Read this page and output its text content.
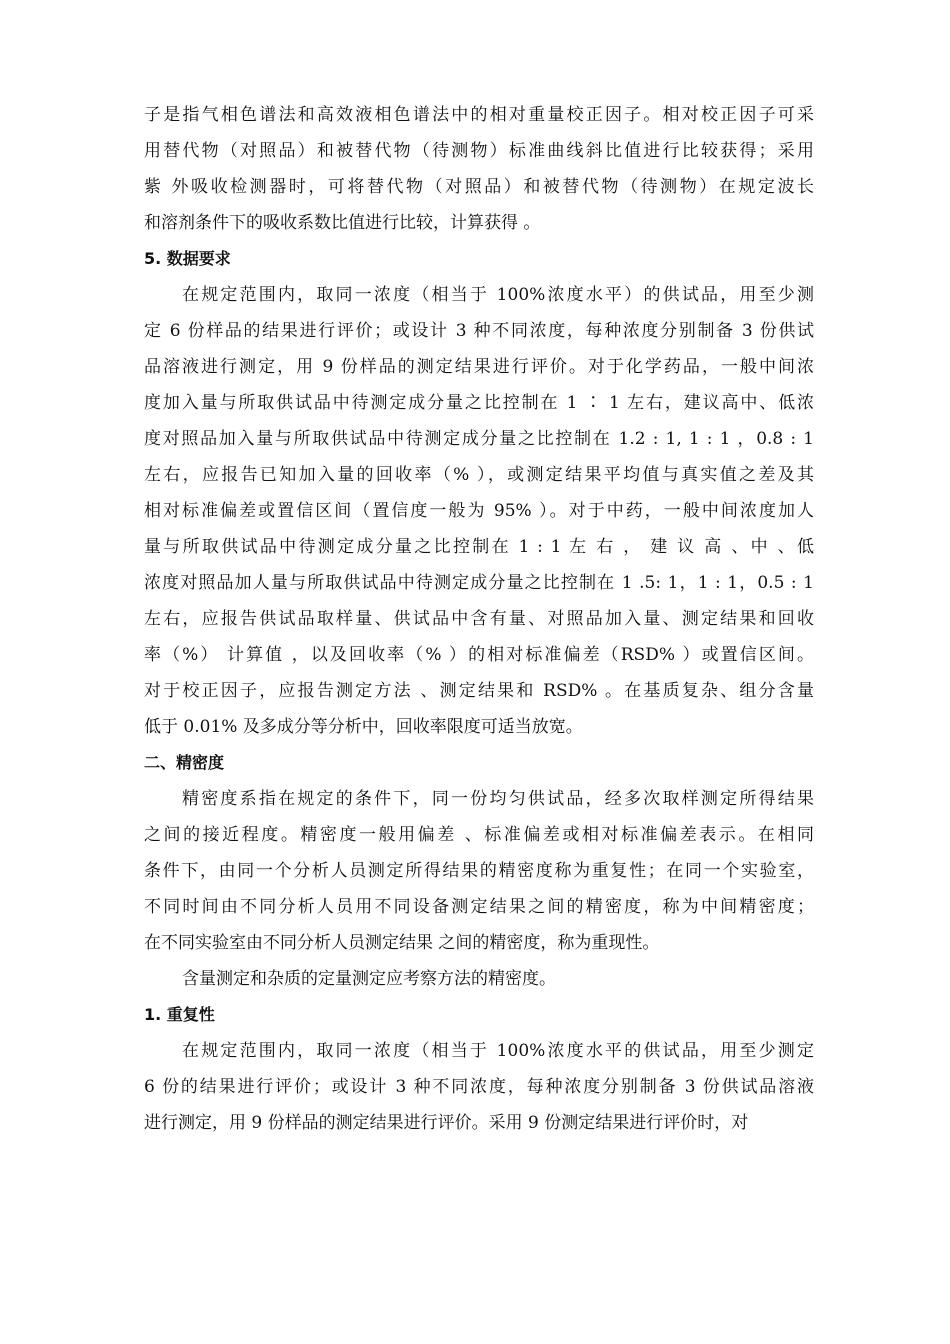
子是指气相色谱法和高效液相色谱法中的相对重量校正因子。相对校正因子可采
用替代物（对照品）和被替代物（待测物）标准曲线斜比值进行比较获得；采用
紫 外吸收检测器时，可将替代物（对照品）和被替代物（待测物）在规定波长
和溶剂条件下的吸收系数比值进行比较，计算获得 。
5. 数据要求
在规定范围内，取同一浓度（相当于 100%浓度水平）的供试品，用至少测
定 6 份样品的结果进行评价；或设计 3 种不同浓度，每种浓度分别制备 3 份供试
品溶液进行测定，用 9 份样品的测定结果进行评价。对于化学药品，一般中间浓
度加入量与所取供试品中待测定成分量之比控制在 1 ∶ 1 左右，建议高中、低浓
度对照品加入量与所取供试品中待测定成分量之比控制在 1.2 : 1, 1 : 1 ，0.8 : 1
左右，应报告已知加入量的回收率（% ），或测定结果平均值与真实值之差及其
相对标准偏差或置信区间（置信度一般为 95% ）。对于中药，一般中间浓度加人
量与所取供试品中待测定成分量之比控制在 1 : 1 左 右 ， 建 议 高 、中 、低
浓度对照品加人量与所取供试品中待测定成分量之比控制在 1 .5: 1，1 : 1，0.5 : 1
左右，应报告供试品取样量、供试品中含有量、对照品加入量、测定结果和回收
率（%） 计算值 ，以及回收率（% ）的相对标准偏差（RSD% ）或置信区间。
对于校正因子，应报告测定方法 、测定结果和 RSD% 。在基质复杂、组分含量
低于 0.01% 及多成分等分析中，回收率限度可适当放宽。
二、精密度
精密度系指在规定的条件下，同一份均匀供试品，经多次取样测定所得结果
之间的接近程度。精密度一般用偏差 、标准偏差或相对标准偏差表示。在相同
条件下，由同一个分析人员测定所得结果的精密度称为重复性；在同一个实验室，
不同时间由不同分析人员用不同设备测定结果之间的精密度，称为中间精密度；
在不同实验室由不同分析人员测定结果 之间的精密度，称为重现性。
含量测定和杂质的定量测定应考察方法的精密度。
1. 重复性
在规定范围内，取同一浓度（相当于 100%浓度水平的供试品，用至少测定
6 份的结果进行评价；或设计 3 种不同浓度，每种浓度分别制备 3 份供试品溶液
进行测定，用 9 份样品的测定结果进行评价。采用 9 份测定结果进行评价时，对
